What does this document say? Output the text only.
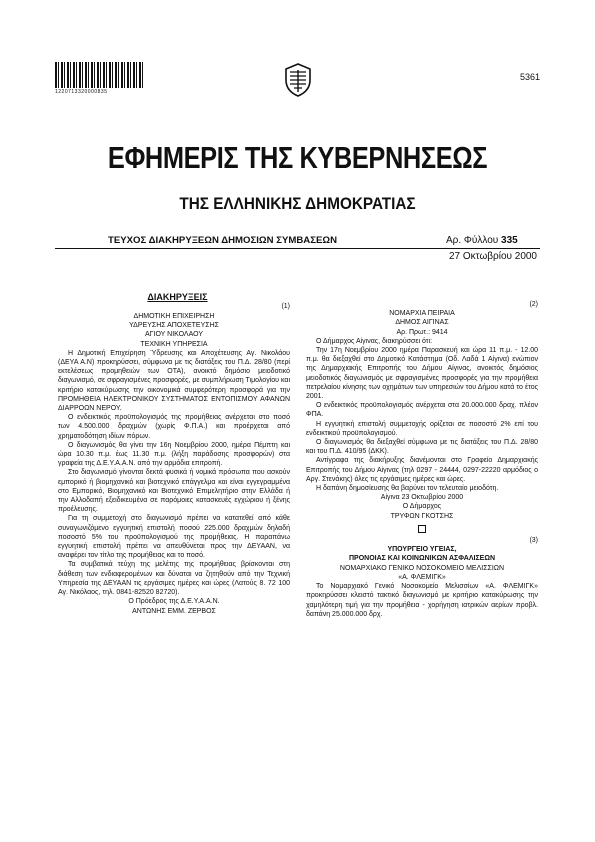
1220713320000835
5361
ΕΦΗΜΕΡΙΣ ΤΗΣ ΚΥΒΕΡΝΗΣΕΩΣ
ΤΗΣ ΕΛΛΗΝΙΚΗΣ ΔΗΜΟΚΡΑΤΙΑΣ
ΤΕΥΧΟΣ ΔΙΑΚΗΡΥΞΕΩΝ ΔΗΜΟΣΙΩΝ ΣΥΜΒΑΣΕΩΝ	Αρ. Φύλλου 335
27 Οκτωβρίου 2000
ΔΙΑΚΗΡΥΞΕΙΣ
(1)

ΔΗΜΟΤΙΚΗ ΕΠΙΧΕΙΡΗΣΗ

ΥΔΡΕΥΣΗΣ ΑΠΟΧΕΤΕΥΣΗΣ

ΑΓΙΟΥ ΝΙΚΟΛΑΟΥ

ΤΕΧΝΙΚΗ ΥΠΗΡΕΣΙΑ

Η Δημοτική Επιχείρηση Ύδρευσης και Αποχέτευσης Αγ. Νικολάου (ΔΕΥΑ Α.Ν) προκηρύσσει, σύμφωνα με τις διατάξεις του Π.Δ. 28/80 (περί εκτελέσεως προμηθειών των ΟΤΑ), ανοικτό δημόσιο μειοδοτικό διαγωνισμό, σε σφραγισμένες προσφορές, με συμπλήρωση Τιμολογίου και κριτήριο κατακύρωσης την οικονομικά συμφερότερη προσφορά για την ΠΡΟΜΗΘΕΙΑ ΗΛΕΚΤΡΟΝΙΚΟΥ ΣΥΣΤΗΜΑΤΟΣ ΕΝΤΟΠΙΣΜΟΥ ΑΦΑΝΩΝ ΔΙΑΡΡΟΩΝ ΝΕΡΟΥ.

Ο ενδεικτικός προϋπολογισμός της προμήθειας ανέρχεται στο ποσό των 4.500.000 δραχμών (χωρίς Φ.Π.Α.) και προέρχεται από χρηματοδότηση ιδίων πόρων.

Ο διαγωνισμός θα γίνει την 16η Νοεμβρίου 2000, ημέρα Πέμπτη και ώρα 10.30 π.μ. έως 11.30 π.μ. (λήξη παράδοσης προσφορών) στα γραφεία της Δ.Ε.Υ.Α.Α.Ν. από την αρμόδια επιτροπή.

Στο διαγωνισμό γίνονται δεκτά φυσικά ή νομικά πρόσωπα που ασκούν εμπορικό ή βιομηχανικό και βιοτεχνικό επάγγελμα και είναι εγγεγραμμένα στο Εμπορικό, Βιομηχανικό και Βιοτεχνικό Επιμελητήριο στην Ελλάδα ή την Αλλοδαπή εξειδικευμένα σε παρόμοιες κατασκευές εγχώριου ή ξένης προέλευσης.

Για τη συμμετοχή στο διαγωνισμό πρέπει να κατατεθεί από κάθε συναγωνιζόμενο εγγυητική επιστολή ποσού 225.000 δραχμών δηλαδή ποσοστό 5% του προϋπολογισμού της προμήθειας. Η παραπάνω εγγυητική επιστολή πρέπει να απευθύνεται προς την ΔΕΥΑΑΝ, να αναφέρει τον τίτλο της προμήθειας και το ποσό.

Τα συμβατικά τεύχη της μελέτης της προμήθειας βρίσκονται στη διάθεση των ενδιαφερομένων και δύναται να ζητηθούν από την Τεχνική Υπηρεσία της ΔΕΥΑΑΝ τις εργάσιμες ημέρες και ώρες (Λατούς 8. 72 100 Αγ. Νικόλαος, τηλ. 0841-82520 82720).

Ο Πρόεδρος της Δ.Ε.Υ.Α.Α.Ν.

ΑΝΤΩΝΗΣ ΕΜΜ. ΖΕΡΒΟΣ

(2)

ΝΟΜΑΡΧΙΑ ΠΕΙΡΑΙΑ

ΔΗΜΟΣ ΑΙΓΙΝΑΣ

Αρ. Πρωτ.: 9414

Ο Δήμαρχος Αίγινας, διακηρύσσει ότι:

Την 17η Νοεμβρίου 2000 ημέρα Παρασκευή και ώρα 11 π.μ. - 12.00 π.μ. θα διεξαχθεί στο Δημοτικό Κατάστημα (Οδ. Λαδά 1 Αίγινα) ενώπιον της Δημαρχιακής Επιτροπής του Δήμου Αίγινας, ανοικτός δημόσιος μειοδοτικός διαγωνισμός με σφραγισμένες προσφορές για την προμήθεια πετρελαίου κίνησης των οχημάτων των υπηρεσιών του Δήμου κατά το έτος 2001.

Ο ενδεικτικός προϋπολογισμός ανέρχεται στα 20.000.000 δραχ. πλέον ΦΠΑ.

Η εγγυητική επιστολή συμμετοχής ορίζεται σε ποσοστό 2% επί του ενδεικτικού προϋπολογισμού.

Ο διαγωνισμός θα διεξαχθεί σύμφωνα με τις διατάξεις του Π.Δ. 28/80 και του Π.Δ. 410/95 (ΔΚΚ).

Αντίγραφα της διακήρυξης διανέμονται στο Γραφείο Δημαρχιακής Επιτροπής του Δήμου Αίγινας (τηλ 0297 - 24444, 0297-22220 αρμόδιος ο Αργ. Στενάκης) όλες τις εργάσιμες ημέρες και ώρες.

Η δαπάνη δημοσίευσης θα βαρύνει τον τελευταίο μειοδότη.

Αίγινα 23 Οκτωβρίου 2000

Ο Δήμαρχος

ΤΡΥΦΩΝ ΓΚΟΤΣΗΣ

(3)

ΥΠΟΥΡΓΕΙΟ ΥΓΕΙΑΣ,

ΠΡΟΝΟΙΑΣ ΚΑΙ ΚΟΙΝΩΝΙΚΩΝ ΑΣΦΑΛΙΣΕΩΝ

ΝΟΜΑΡΧΙΑΚΟ ΓΕΝΙΚΟ ΝΟΣΟΚΟΜΕΙΟ ΜΕΛΙΣΣΙΩΝ

«Α. ΦΛΕΜΙΓΚ»

Το Νομαρχιακό Γενικό Νοσοκομείο Μελισσίων «Α. ΦΛΕΜΙΓΚ» προκηρύσσει κλειστό τακτικό διαγωνισμό με κριτήριο κατακύρωσης την χαμηλότερη τιμή για την προμήθεια - χορήγηση ιατρικών αερίων προβλ. δαπάνη 25.000.000 δρχ.
